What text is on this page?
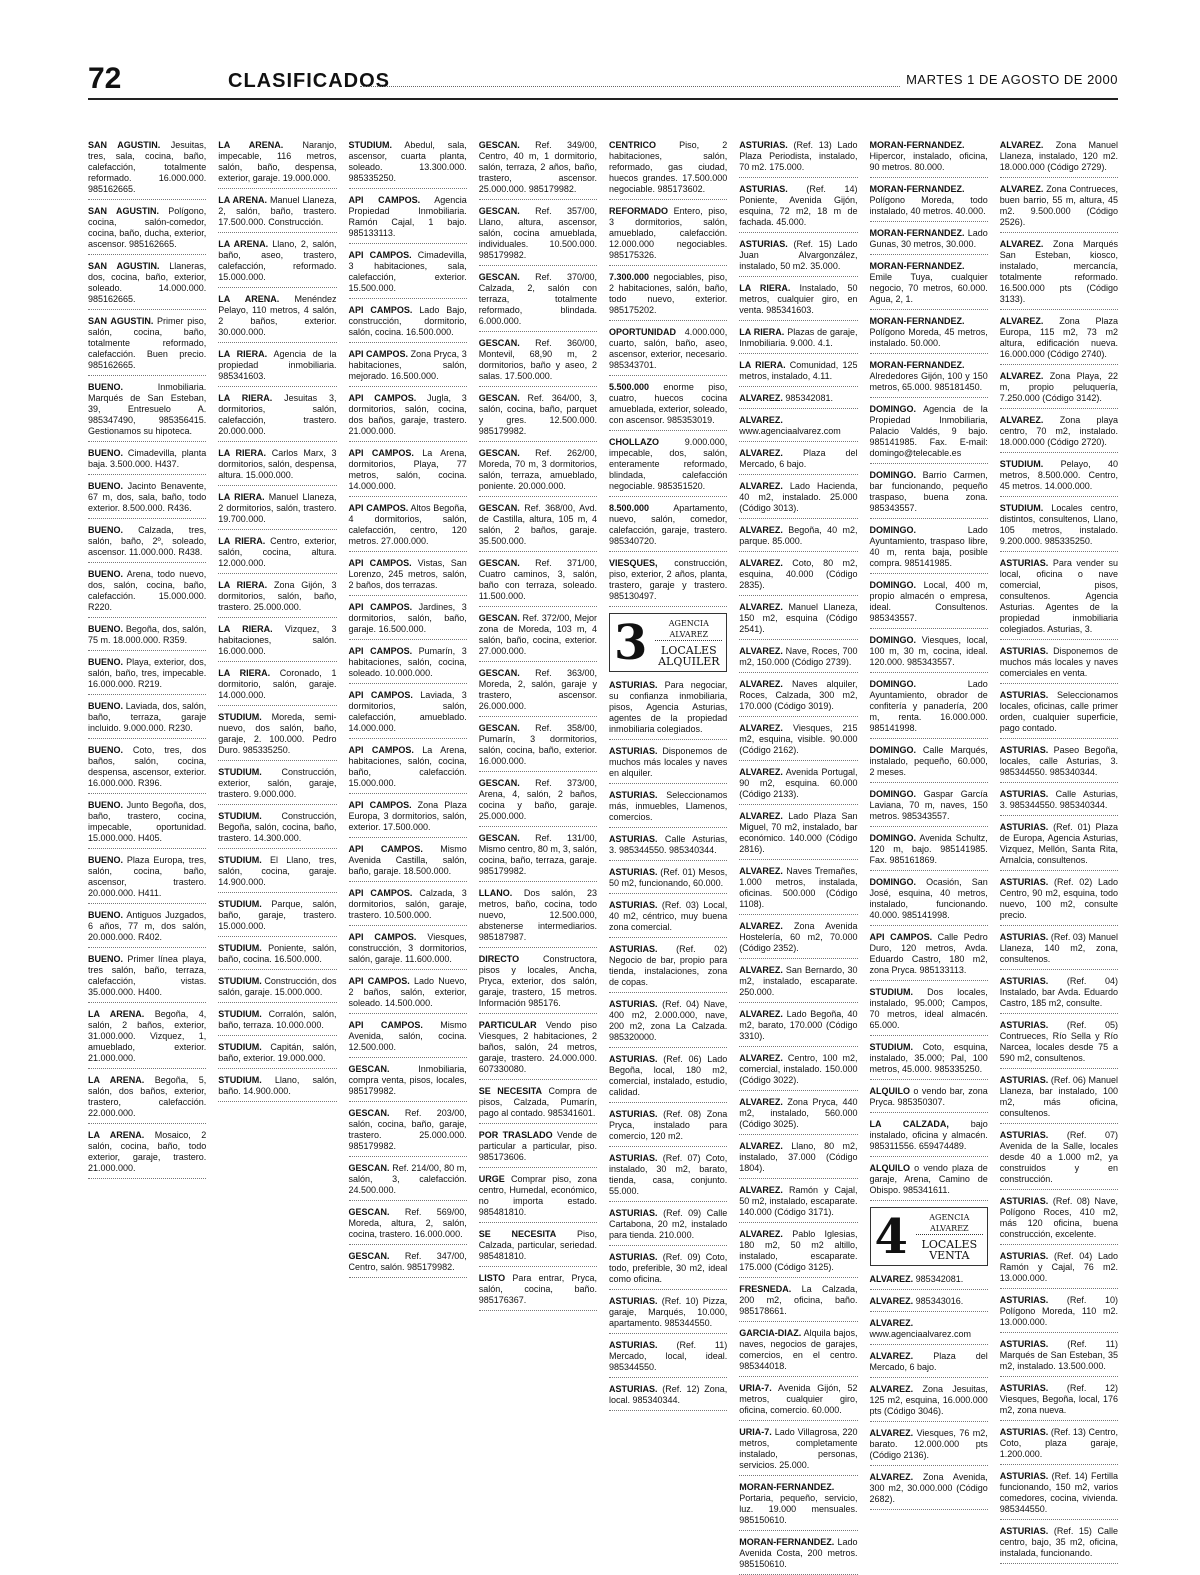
72	CLASIFICADOS	MARTES 1 DE AGOSTO DE 2000
SAN AGUSTIN. Jesuitas, tres, sala, cocina, baño, calefacción, totalmente reformado. 16.000.000. 985162665.
SAN AGUSTIN. Polígono, cocina, salón-comedor, cocina, baño, ducha, exterior, ascensor. 985162665.
SAN AGUSTIN. Llaneras, dos, cocina, baño, exterior, soleado. 14.000.000. 985162665.
SAN AGUSTIN. Primer piso, salón, cocina, baño, totalmente reformado, calefacción. Buen precio. 985162665.
BUENO. Inmobiliaria. Marqués de San Esteban, 39, Entresuelo A. 985347490, 985356415. Gestionamos su hipoteca.
BUENO. Cimadevilla, planta baja. 3.500.000. H437.
BUENO. Jacinto Benavente, 67 m, dos, sala, baño, todo exterior. 8.500.000. R436.
BUENO. Calzada, tres, salón, baño, 2º, soleado, ascensor. 11.000.000. R438.
BUENO. Arena, todo nuevo, dos, salón, cocina, baño, calefacción. 15.000.000. R220.
BUENO. Begoña, dos, salón, 75 m. 18.000.000. R359.
BUENO. Playa, exterior, dos, salón, baño, tres, impecable. 16.000.000. R219.
BUENO. Laviada, dos, salón, baño, terraza, garaje incluido. 9.000.000. R230.
BUENO. Coto, tres, dos baños, salón, cocina, despensa, ascensor, exterior. 16.000.000. R396.
BUENO. Junto Begoña, dos, baño, trastero, cocina, impecable, oportunidad. 15.000.000. H405.
BUENO. Plaza Europa, tres, salón, cocina, baño, ascensor, trastero. 20.000.000. H411.
BUENO. Antiguos Juzgados, 6 años, 77 m, dos salón, 20.000.000. R402.
BUENO. Primer línea playa, tres salón, baño, terraza, calefacción, vistas. 35.000.000. H400.
LA ARENA. Begoña, 4, salón, 2 baños, exterior, 31.000.000. Vizquez, 1, amueblado, exterior. 21.000.000.
LA ARENA. Begoña, 5, salón, dos baños, exterior, trastero, calefacción. 22.000.000.
LA ARENA. Mosaico, 2 salón, cocina, baño, todo exterior, garaje, trastero. 21.000.000.
LA ARENA. Naranjo, impecable, 116 metros, salón, baño, despensa, exterior, garaje. 19.000.000.
LA ARENA. Manuel Llaneza, 2, salón, baño, trastero. 17.500.000. Construcción.
LA ARENA. Llano, 2, salón, baño, aseo, trastero, calefacción, reformado. 15.000.000.
LA ARENA. Menéndez Pelayo, 110 metros, 4 salón, 2 baños, exterior. 30.000.000.
LA RIERA. Agencia de la propiedad inmobiliaria. 985341603.
LA RIERA. Jesuitas 3, dormitorios, salón, calefacción, trastero. 20.000.000.
LA RIERA. Carlos Marx, 3 dormitorios, salón, despensa, altura. 15.000.000.
LA RIERA. Manuel Llaneza, 2 dormitorios, salón, trastero. 19.700.000.
LA RIERA. Centro, exterior, salón, cocina, altura. 12.000.000.
LA RIERA. Zona Gijón, 3 dormitorios, salón, baño, trastero. 25.000.000.
LA RIERA. Vizquez, 3 habitaciones, salón. 16.000.000.
LA RIERA. Coronado, 1 dormitorio, salón, garaje. 14.000.000.
STUDIUM. Moreda, semi-nuevo, dos salón, baño, garaje, 2. 100.000. Pedro Duro. 985335250.
STUDIUM. Construcción, exterior, salón, garaje, trastero. 9.000.000.
STUDIUM. Construcción, Begoña, salón, cocina, baño, trastero. 14.300.000.
STUDIUM. El Llano, tres, salón, cocina, garaje. 14.900.000.
STUDIUM. Parque, salón, baño, garaje, trastero. 15.000.000.
STUDIUM. Poniente, salón, baño, cocina. 16.500.000.
STUDIUM. Construcción, dos salón, garaje. 15.000.000.
STUDIUM. Corralón, salón, baño, terraza. 10.000.000.
STUDIUM. Capitán, salón, baño, exterior. 19.000.000.
STUDIUM. Llano, salón, baño. 14.900.000.
STUDIUM. Abedul, sala, ascensor, cuarta planta, soleado. 13.300.000. 985335250.
API CAMPOS. Agencia Propiedad Inmobiliaria. Ramón Cajal, 1 bajo. 985133113.
API CAMPOS. Cimadevilla, 3 habitaciones, sala, calefacción, exterior. 15.500.000.
API CAMPOS. Lado Bajo, construcción, dormitorio, salón, cocina. 16.500.000.
API CAMPOS. Zona Pryca, 3 habitaciones, salón, mejorado. 16.500.000.
API CAMPOS. Jugla, 3 dormitorios, salón, cocina, dos baños, garaje, trastero. 21.000.000.
API CAMPOS. La Arena, dormitorios, Playa, 77 metros, salón, cocina. 14.000.000.
API CAMPOS. Altos Begoña, 4 dormitorios, salón, calefacción, centro, 120 metros. 27.000.000.
API CAMPOS. Vistas, San Lorenzo, 245 metros, salón, 2 baños, dos terrazas.
API CAMPOS. Jardines, 3 dormitorios, salón, baño, garaje. 16.500.000.
API CAMPOS. Pumarín, 3 habitaciones, salón, cocina, soleado. 10.000.000.
API CAMPOS. Laviada, 3 dormitorios, salón, calefacción, amueblado. 14.000.000.
API CAMPOS. La Arena, habitaciones, salón, cocina, baño, calefacción. 15.000.000.
API CAMPOS. Zona Plaza Europa, 3 dormitorios, salón, exterior. 17.500.000.
API CAMPOS. Mismo Avenida Castilla, salón, baño, garaje. 18.500.000.
API CAMPOS. Calzada, 3 dormitorios, salón, garaje, trastero. 10.500.000.
API CAMPOS. Viesques, construcción, 3 dormitorios, salón, garaje. 11.600.000.
API CAMPOS. Lado Nuevo, 2 baños, salón, exterior, soleado. 14.500.000.
API CAMPOS. Mismo Avenida, salón, cocina. 12.500.000.
GESCAN. Inmobiliaria, compra venta, pisos, locales, 985179982.
GESCAN. Ref. 203/00, salón, cocina, baño, garaje, trastero. 25.000.000. 985179982.
GESCAN. Ref. 214/00, 80 m, salón, 3, calefacción. 24.500.000.
GESCAN. Ref. 569/00, Moreda, altura, 2, salón, cocina, trastero. 16.000.000.
GESCAN. Ref. 347/00, Centro, salón. 985179982.
GESCAN. Ref. 349/00, Centro, 40 m, 1 dormitorio, salón, terraza, 2 años, baño, trastero, ascensor. 25.000.000. 985179982.
GESCAN. Ref. 357/00, Llano, altura, ascensor, salón, cocina amueblada, individuales. 10.500.000. 985179982.
GESCAN. Ref. 370/00, Calzada, 2, salón con terraza, totalmente reformado, blindada. 6.000.000.
GESCAN. Ref. 360/00, Montevil, 68,90 m, 2 dormitorios, baño y aseo, 2 salas. 17.500.000.
GESCAN. Ref. 364/00, 3, salón, cocina, baño, parquet y gres. 12.500.000. 985179982.
GESCAN. Ref. 262/00, Moreda, 70 m, 3 dormitorios, salón, terraza, amueblado, poniente. 20.000.000.
GESCAN. Ref. 368/00, Avd. de Castilla, altura, 105 m, 4 salón, 2 baños, garaje. 35.500.000.
GESCAN. Ref. 371/00, Cuatro caminos, 3, salón, baño con terraza, soleado. 11.500.000.
GESCAN. Ref. 372/00, Mejor zona de Moreda, 103 m, 4 salón, baño, cocina, exterior. 27.000.000.
GESCAN. Ref. 363/00, Moreda, 2, salón, garaje y trastero, ascensor. 26.000.000.
GESCAN. Ref. 358/00, Pumarín, 3 dormitorios, salón, cocina, baño, exterior. 16.000.000.
GESCAN. Ref. 373/00, Arena, 4, salón, 2 baños, cocina y baño, garaje. 25.000.000.
GESCAN. Ref. 131/00, Mismo centro, 80 m, 3, salón, cocina, baño, terraza, garaje. 985179982.
LLANO. Dos salón, 23 metros, baño, cocina, todo nuevo, 12.500.000, abstenerse intermediarios. 985187987.
DIRECTO Constructora, pisos y locales, Ancha, Pryca, exterior, dos salón, garaje, trastero, 15 metros. Información 985176.
PARTICULAR Vendo piso Viesques, 2 habitaciones, 2 baños, salón, 24 metros, garaje, trastero. 24.000.000. 607330080.
SE NECESITA Compra de pisos, Calzada, Pumarín, pago al contado. 985341601.
POR TRASLADO Vende de particular a particular, piso. 985173606.
URGE Comprar piso, zona centro, Humedal, económico, no importa estado. 985481810.
SE NECESITA Piso, Calzada, particular, seriedad. 985481810.
LISTO Para entrar, Pryca, salón, cocina, baño. 985176367.
CENTRICO Piso, 2 habitaciones, salón, reformado, gas ciudad, huecos grandes. 17.500.000 negociable. 985173602.
REFORMADO Entero, piso, 3 dormitorios, salón, amueblado, calefacción. 12.000.000 negociables. 985175326.
7.300.000 negociables, piso, 2 habitaciones, salón, baño, todo nuevo, exterior. 985175202.
OPORTUNIDAD 4.000.000, cuarto, salón, baño, aseo, ascensor, exterior, necesario. 985343701.
5.500.000 enorme piso, cuatro, huecos cocina amueblada, exterior, soleado, con ascensor. 985353019.
CHOLLAZO 9.000.000, impecable, dos, salón, enteramente reformado, blindada, calefacción negociable. 985351520.
8.500.000 Apartamento, nuevo, salón, comedor, calefacción, garaje, trastero. 985340720.
VIESQUES, construcción, piso, exterior, 2 años, planta, trastero, garaje y trastero. 985130497.
3	AGENCIA ALVAREZ
LOCALES ALQUILER
ASTURIAS. Para negociar, su confianza inmobiliaria, pisos, Agencia Asturias, agentes de la propiedad inmobiliaria colegiados.
ASTURIAS. Disponemos de muchos más locales y naves en alquiler.
ASTURIAS. Seleccionamos más, inmuebles, Llamenos, comercios.
ASTURIAS. Calle Asturias, 3. 985344550. 985340344.
ASTURIAS. (Ref. 01) Mesos, 50 m2, funcionando, 60.000.
ASTURIAS. (Ref. 03) Local, 40 m2, céntrico, muy buena zona comercial.
ASTURIAS. (Ref. 02) Negocio de bar, propio para tienda, instalaciones, zona de copas.
ASTURIAS. (Ref. 04) Nave, 400 m2, 2.000.000, nave, 200 m2, zona La Calzada. 985320000.
ASTURIAS. (Ref. 06) Lado Begoña, local, 180 m2, comercial, instalado, estudio, calidad.
ASTURIAS. (Ref. 08) Zona Pryca, instalado para comercio, 120 m2.
ASTURIAS. (Ref. 07) Coto, instalado, 30 m2, barato, tienda, casa, conjunto. 55.000.
ASTURIAS. (Ref. 09) Calle Cartabona, 20 m2, instalado para tienda. 210.000.
ASTURIAS. (Ref. 09) Coto, todo, preferible, 30 m2, ideal como oficina.
ASTURIAS. (Ref. 10) Pizza, garaje, Marqués, 10.000, apartamento. 985344550.
ASTURIAS. (Ref. 11) Mercado, local, ideal. 985344550.
ASTURIAS. (Ref. 12) Zona, local. 985340344.
ASTURIAS. (Ref. 13) Lado Plaza Periodista, instalado, 70 m2. 175.000.
ASTURIAS. (Ref. 14) Poniente, Avenida Gijón, esquina, 72 m2, 18 m de fachada. 45.000.
ASTURIAS. (Ref. 15) Lado Juan Alvargonzález, instalado, 50 m2. 35.000.
LA RIERA. Instalado, 50 metros, cualquier giro, en venta. 985341603.
LA RIERA. Plazas de garaje, Inmobiliaria. 9.000. 4.1.
LA RIERA. Comunidad, 125 metros, instalado, 4.11.
ALVAREZ. 985342081.
ALVAREZ. www.agenciaalvarez.com
ALVAREZ. Plaza del Mercado, 6 bajo.
ALVAREZ. Lado Hacienda, 40 m2, instalado. 25.000 (Código 3013).
ALVAREZ. Begoña, 40 m2, parque. 85.000.
ALVAREZ. Coto, 80 m2, esquina, 40.000 (Código 2835).
ALVAREZ. Manuel Llaneza, 150 m2, esquina (Código 2541).
ALVAREZ. Nave, Roces, 700 m2, 150.000 (Código 2739).
ALVAREZ. Naves alquiler, Roces, Calzada, 300 m2, 170.000 (Código 3019).
ALVAREZ. Viesques, 215 m2, esquina, visible. 90.000 (Código 2162).
ALVAREZ. Avenida Portugal, 90 m2, esquina. 60.000 (Código 2133).
ALVAREZ. Lado Plaza San Miguel, 70 m2, instalado, bar económico. 140.000 (Código 2816).
ALVAREZ. Naves Tremañes, 1.000 metros, instalada, oficinas. 500.000 (Código 1108).
ALVAREZ. Zona Avenida Hostelería, 60 m2, 70.000 (Código 2352).
ALVAREZ. San Bernardo, 30 m2, instalado, escaparate. 250.000.
ALVAREZ. Lado Begoña, 40 m2, barato, 170.000 (Código 3310).
ALVAREZ. Centro, 100 m2, comercial, instalado. 150.000 (Código 3022).
ALVAREZ. Zona Pryca, 440 m2, instalado, 560.000 (Código 3025).
ALVAREZ. Llano, 80 m2, instalado, 37.000 (Código 1804).
ALVAREZ. Ramón y Cajal, 50 m2, instalado, escaparate. 140.000 (Código 3171).
ALVAREZ. Pablo Iglesias, 180 m2, 50 m2 altillo, instalado, escaparate. 175.000 (Código 3125).
FRESNEDA. La Calzada, 200 m2, oficina, baño. 985178661.
GARCIA-DIAZ. Alquila bajos, naves, negocios de garajes, comercios, en el centro. 985344018.
URIA-7. Avenida Gijón, 52 metros, cualquier giro, oficina, comercio. 60.000.
URIA-7. Lado Villagrosa, 220 metros, completamente instalado, personas, servicios. 25.000.
MORAN-FERNANDEZ. Portaria, pequeño, servicio, luz. 19.000 mensuales. 985150610.
MORAN-FERNANDEZ. Lado Avenida Costa, 200 metros. 985150610.
MORAN-FERNANDEZ. Hipercor, instalado, oficina, 90 metros. 80.000.
MORAN-FERNANDEZ. Polígono Moreda, todo instalado, 40 metros. 40.000.
MORAN-FERNANDEZ. Lado Gunas, 30 metros, 30.000.
MORAN-FERNANDEZ. Emile Tuya, cualquier negocio, 70 metros, 60.000. Agua, 2, 1.
MORAN-FERNANDEZ. Polígono Moreda, 45 metros, instalado. 50.000.
MORAN-FERNANDEZ. Alrededores Gijón, 100 y 150 metros, 65.000. 985181450.
DOMINGO. Agencia de la Propiedad Inmobiliaria, Palacio Valdés, 9 bajo. 985141985. Fax. E-mail: domingo@telecable.es
DOMINGO. Barrio Carmen, bar funcionando, pequeño traspaso, buena zona. 985343557.
DOMINGO. Lado Ayuntamiento, traspaso libre, 40 m, renta baja, posible compra. 985141985.
DOMINGO. Local, 400 m, propio almacén o empresa, ideal. Consultenos. 985343557.
DOMINGO. Viesques, local, 100 m, 30 m, cocina, ideal. 120.000. 985343557.
DOMINGO. Lado Ayuntamiento, obrador de confitería y panadería, 200 m, renta. 16.000.000. 985141998.
DOMINGO. Calle Marqués, instalado, pequeño, 60.000, 2 meses.
DOMINGO. Gaspar García Laviana, 70 m, naves, 150 metros. 985343557.
DOMINGO. Avenida Schultz, 120 m, bajo. 985141985. Fax. 985161869.
DOMINGO. Ocasión, San José, esquina, 40 metros, instalado, funcionando. 40.000. 985141998.
API CAMPOS. Calle Pedro Duro, 120 metros, Avda. Eduardo Castro, 180 m2, zona Pryca. 985133113.
STUDIUM. Dos locales, instalado, 95.000; Campos, 70 metros, ideal almacén. 65.000.
STUDIUM. Coto, esquina, instalado, 35.000; Pal, 100 metros, 45.000. 985335250.
ALQUILO o vendo bar, zona Pryca. 985350307.
LA CALZADA, bajo instalado, oficina y almacén. 985311556. 659474489.
ALQUILO o vendo plaza de garaje, Arena, Camino de Obispo. 985341611.
4	AGENCIA ALVAREZ
LOCALES VENTA
ALVAREZ. 985342081.
ALVAREZ. 985343016.
ALVAREZ. www.agenciaalvarez.com
ALVAREZ. Plaza del Mercado, 6 bajo.
ALVAREZ. Zona Jesuitas, 125 m2, esquina, 16.000.000 pts (Código 3046).
ALVAREZ. Viesques, 76 m2, barato. 12.000.000 pts (Código 2136).
ALVAREZ. Zona Avenida, 300 m2, 30.000.000 (Código 2682).
ALVAREZ. Zona Manuel Llaneza, instalado, 120 m2. 18.000.000 (Código 2729).
ALVAREZ. Zona Contrueces, buen barrio, 55 m, altura, 45 m2. 9.500.000 (Código 2526).
ALVAREZ. Zona Marqués San Esteban, kiosco, instalado, mercancía, totalmente reformado. 16.500.000 pts (Código 3133).
ALVAREZ. Zona Plaza Europa, 115 m2, 73 m2 altura, edificación nueva. 16.000.000 (Código 2740).
ALVAREZ. Zona Playa, 22 m, propio peluquería, 7.250.000 (Código 3142).
ALVAREZ. Zona playa centro, 70 m2, instalado. 18.000.000 (Código 2720).
STUDIUM. Pelayo, 40 metros, 8.500.000. Centro, 45 metros. 14.000.000.
STUDIUM. Locales centro, distintos, consultenos, Llano, 105 metros, instalado. 9.200.000. 985335250.
ASTURIAS. Para vender su local, oficina o nave comercial, pisos, consultenos. Agencia Asturias. Agentes de la propiedad inmobiliaria colegiados. Asturias, 3.
ASTURIAS. Disponemos de muchos más locales y naves comerciales en venta.
ASTURIAS. Seleccionamos locales, oficinas, calle primer orden, cualquier superficie, pago contado.
ASTURIAS. Paseo Begoña, locales, calle Asturias, 3. 985344550. 985340344.
ASTURIAS. Calle Asturias, 3. 985344550. 985340344.
ASTURIAS. (Ref. 01) Plaza de Europa, Agencia Asturias, Vizquez, Mellón, Santa Rita, Arnalcia, consultenos.
ASTURIAS. (Ref. 02) Lado Centro, 90 m2, esquina, todo nuevo, 100 m2, consulte precio.
ASTURIAS. (Ref. 03) Manuel Llaneza, 140 m2, zona, consultenos.
ASTURIAS. (Ref. 04) Instalado, bar Avda. Eduardo Castro, 185 m2, consulte.
ASTURIAS. (Ref. 05) Contrueces, Río Sella y Río Narcea, locales desde 75 a 590 m2, consultenos.
ASTURIAS. (Ref. 06) Manuel Llaneza, bar instalado, 100 m2, más oficina, consultenos.
ASTURIAS. (Ref. 07) Avenida de la Salle, locales desde 40 a 1.000 m2, ya construidos y en construcción.
ASTURIAS. (Ref. 08) Nave, Polígono Roces, 410 m2, más 120 oficina, buena construcción, excelente.
ASTURIAS. (Ref. 04) Lado Ramón y Cajal, 76 m2. 13.000.000.
ASTURIAS. (Ref. 10) Polígono Moreda, 110 m2. 13.000.000.
ASTURIAS. (Ref. 11) Marqués de San Esteban, 35 m2, instalado. 13.500.000.
ASTURIAS. (Ref. 12) Viesques, Begoña, local, 176 m2, zona nueva.
ASTURIAS. (Ref. 13) Centro, Coto, plaza garaje, 1.200.000.
ASTURIAS. (Ref. 14) Fertilla funcionando, 150 m2, varios comedores, cocina, vivienda. 985344550.
ASTURIAS. (Ref. 15) Calle centro, bajo, 35 m2, oficina, instalada, funcionando.
